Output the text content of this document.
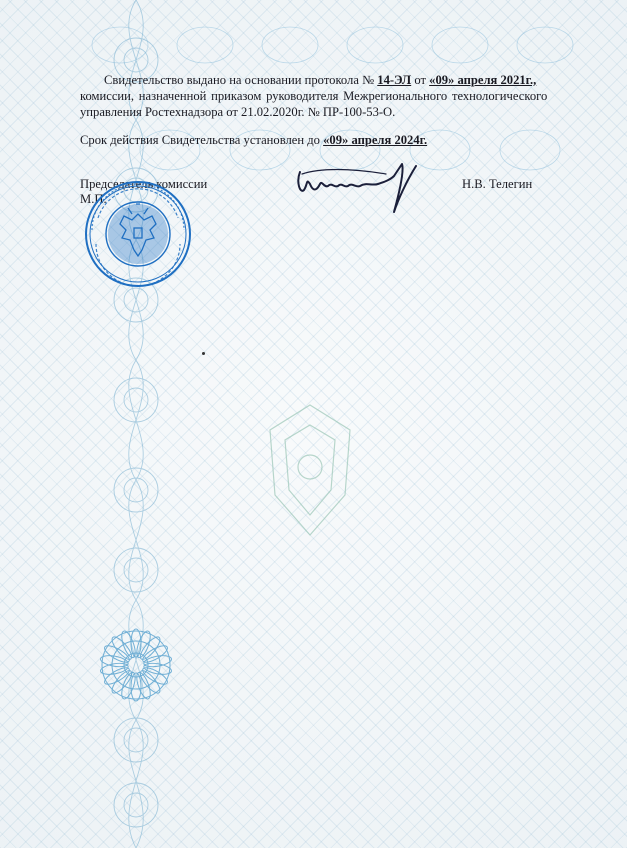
Свидетельство выдано на основании протокола № 14-ЭЛ от «09» апреля 2021г.,
комиссии, назначенной приказом руководителя Межрегионального технологического
управления Ростехнадзора от 21.02.2020г. № ПР-100-53-О.
Срок действия Свидетельства установлен до «09» апреля 2024г.
Председатель комиссии
М.П.
Н.В. Телегин
